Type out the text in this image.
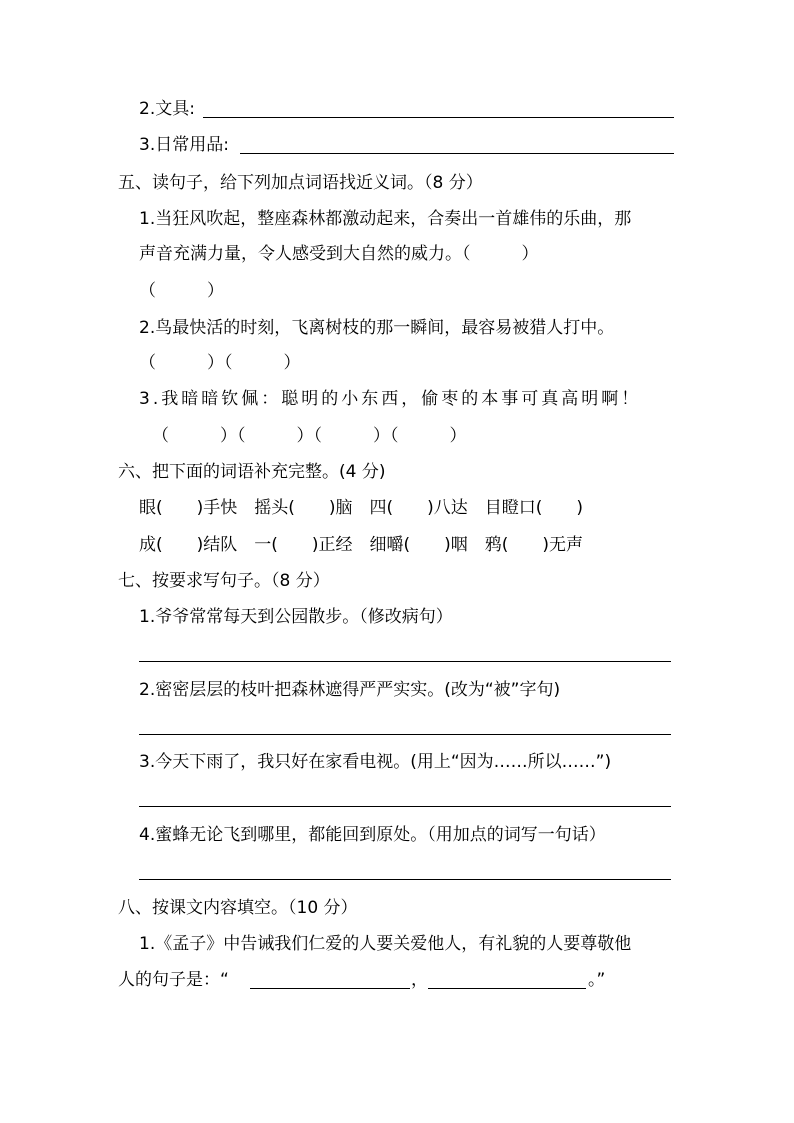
2.文具:
3.日常用品:
五、读句子，给下列加点词语找近义词。（8 分）
1.当狂风吹起，整座森林都激动起来，合奏出一首雄伟的乐曲，那
声音充满力量，令人感受到大自然的威力。（　　　）
（　　　）
2.鸟最快活的时刻，飞离树枝的那一瞬间，最容易被猎人打中。
（　　　）（　　　）
3.我暗暗钦佩：聪明的小东西，偷枣的本事可真高明啊！
（　　　）（　　　）（　　　）（　　　）
六、把下面的词语补充完整。(4 分)
眼(　　)手快　摇头(　　)脑　四(　　)八达　目瞪口(　　)
成(　　)结队　一(　　)正经　细嚼(　　)咽　鸦(　　)无声
七、按要求写句子。（8 分）
1.爷爷常常每天到公园散步。（修改病句）
2.密密层层的枝叶把森林遮得严严实实。(改为“被”字句)
3.今天下雨了，我只好在家看电视。(用上“因为……所以……”)
4.蜜蜂无论飞到哪里，都能回到原处。（用加点的词写一句话）
八、按课文内容填空。（10 分）
1.《孟子》中告诫我们仁爱的人要关爱他人，有礼貌的人要尊敬他
人的句子是：“	，	。”
